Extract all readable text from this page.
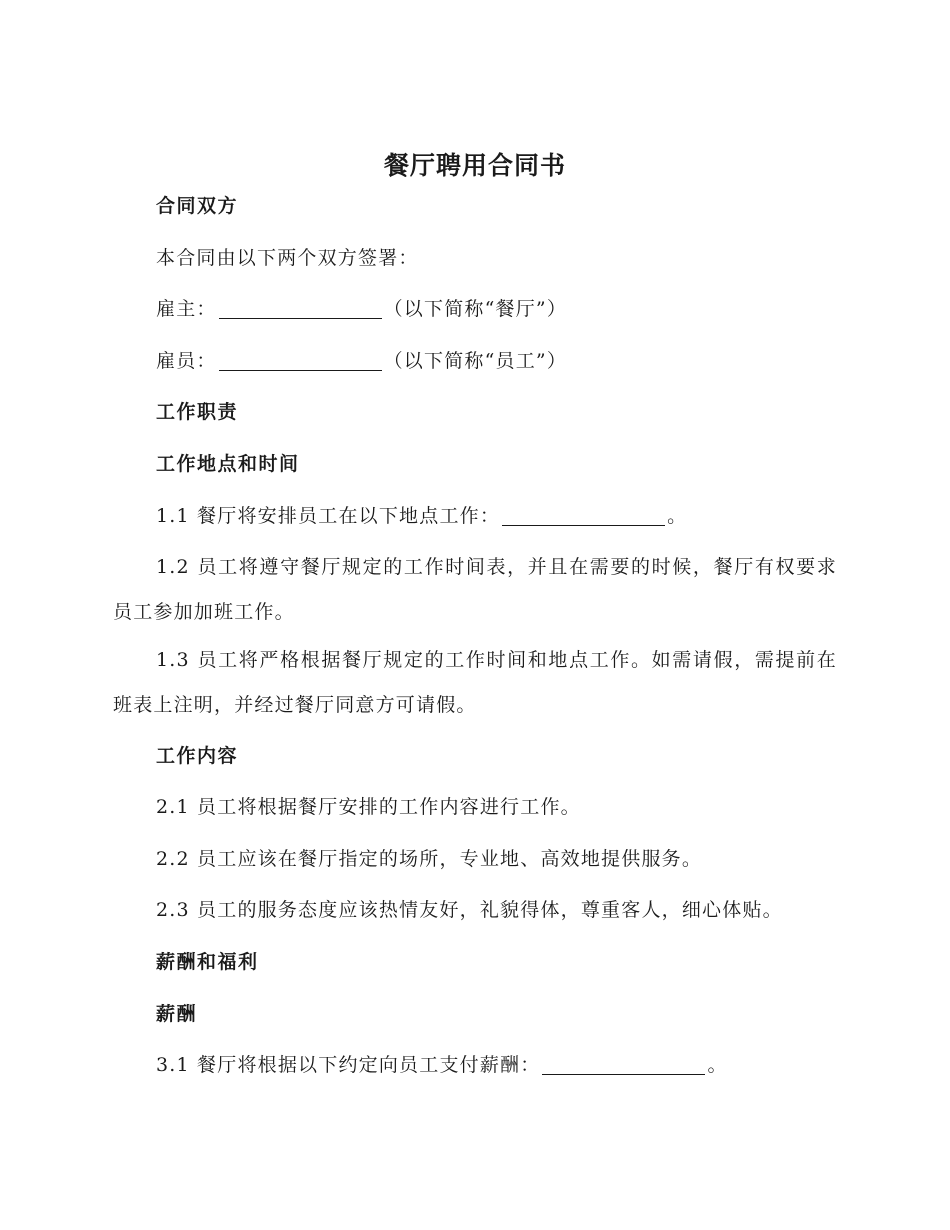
餐厅聘用合同书
合同双方
本合同由以下两个双方签署：
雇主：	（以下简称“餐厅”）
雇员：	（以下简称“员工”）
工作职责
工作地点和时间
1.1 餐厅将安排员工在以下地点工作：	。
1.2 员工将遵守餐厅规定的工作时间表，并且在需要的时候，餐厅有权要求员工参加加班工作。
1.3 员工将严格根据餐厅规定的工作时间和地点工作。如需请假，需提前在班表上注明，并经过餐厅同意方可请假。
工作内容
2.1 员工将根据餐厅安排的工作内容进行工作。
2.2 员工应该在餐厅指定的场所，专业地、高效地提供服务。
2.3 员工的服务态度应该热情友好，礼貌得体，尊重客人，细心体贴。
薪酬和福利
薪酬
3.1 餐厅将根据以下约定向员工支付薪酬：	。
